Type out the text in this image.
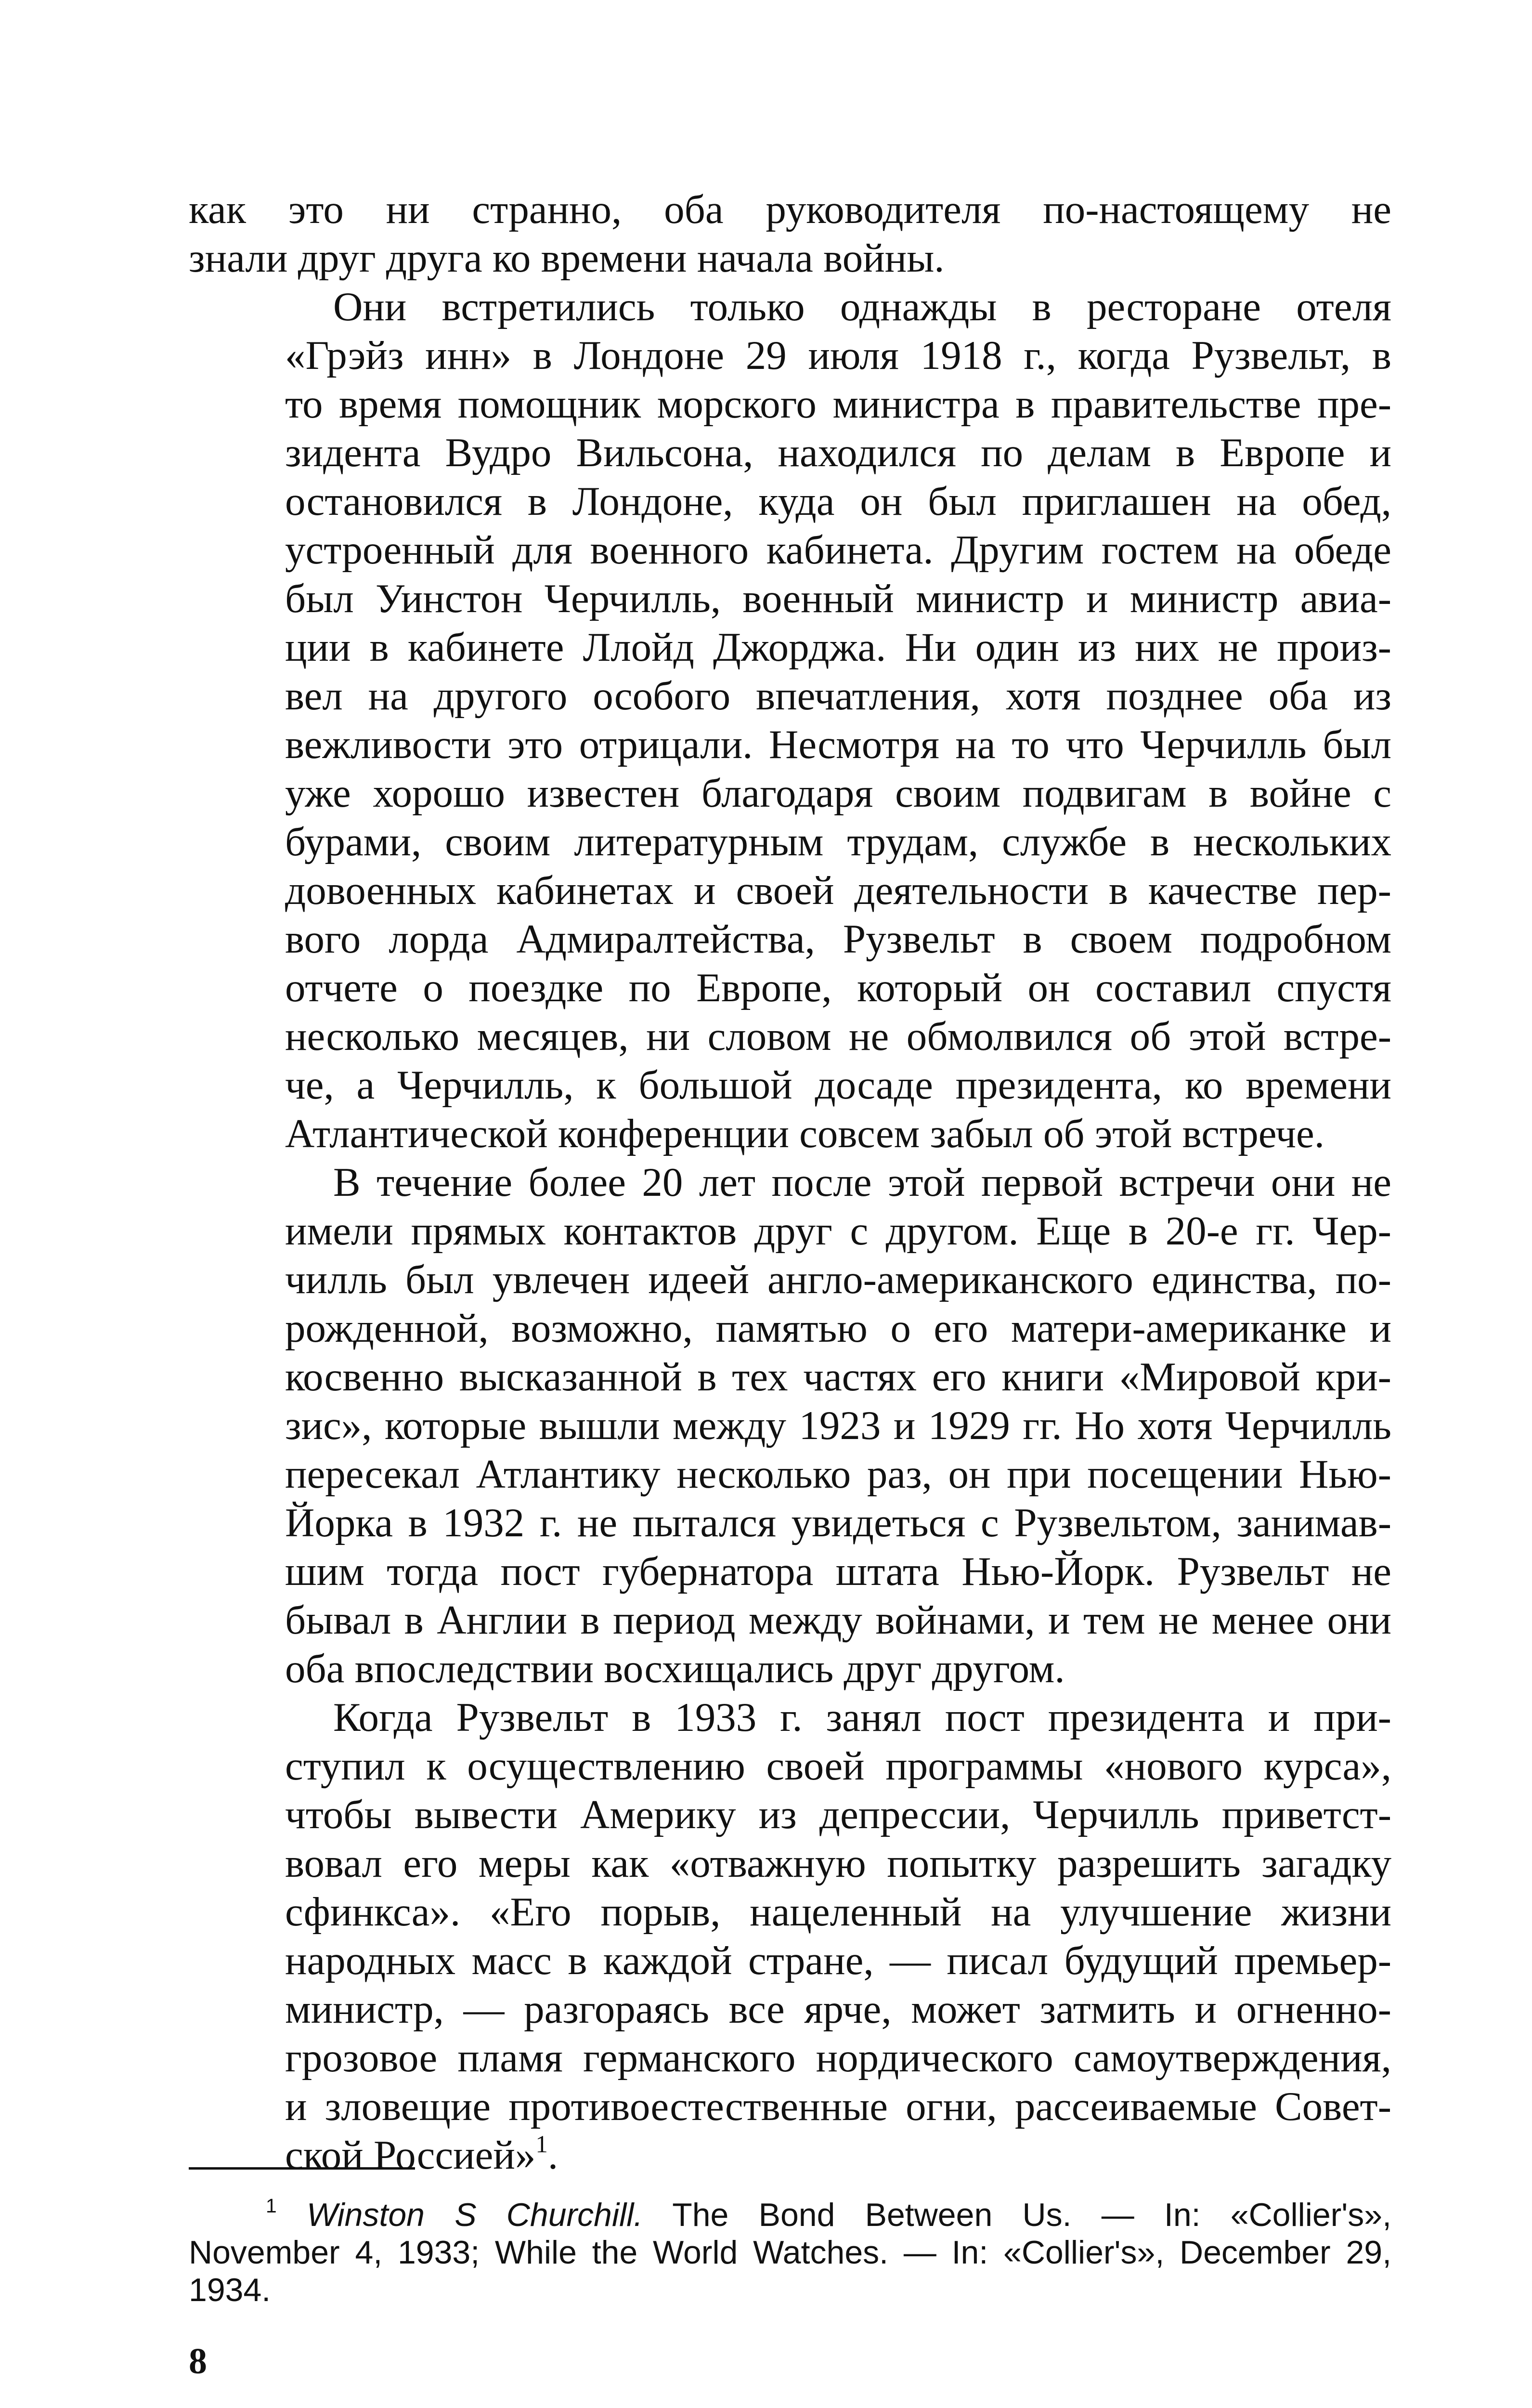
как это ни странно, оба руководителя по-настоящему не
знали друг друга ко времени начала войны.
Они встретились только однажды в ресторане отеля
«Грэйз инн» в Лондоне 29 июля 1918 г., когда Рузвельт, в
то время помощник морского министра в правительстве пре-
зидента Вудро Вильсона, находился по делам в Европе и
остановился в Лондоне, куда он был приглашен на обед,
устроенный для военного кабинета. Другим гостем на обеде
был Уинстон Черчилль, военный министр и министр авиа-
ции в кабинете Ллойд Джорджа. Ни один из них не произ-
вел на другого особого впечатления, хотя позднее оба из
вежливости это отрицали. Несмотря на то что Черчилль был
уже хорошо известен благодаря своим подвигам в войне с
бурами, своим литературным трудам, службе в нескольких
довоенных кабинетах и своей деятельности в качестве пер-
вого лорда Адмиралтейства, Рузвельт в своем подробном
отчете о поездке по Европе, который он составил спустя
несколько месяцев, ни словом не обмолвился об этой встре-
че, а Черчилль, к большой досаде президента, ко времени
Атлантической конференции совсем забыл об этой встрече.
В течение более 20 лет после этой первой встречи они не
имели прямых контактов друг с другом. Еще в 20-е гг. Чер-
чилль был увлечен идеей англо-американского единства, по-
рожденной, возможно, памятью о его матери-американке и
косвенно высказанной в тех частях его книги «Мировой кри-
зис», которые вышли между 1923 и 1929 гг. Но хотя Черчилль
пересекал Атлантику несколько раз, он при посещении Нью-
Йорка в 1932 г. не пытался увидеться с Рузвельтом, занимав-
шим тогда пост губернатора штата Нью-Йорк. Рузвельт не
бывал в Англии в период между войнами, и тем не менее они
оба впоследствии восхищались друг другом.
Когда Рузвельт в 1933 г. занял пост президента и при-
ступил к осуществлению своей программы «нового курса»,
чтобы вывести Америку из депрессии, Черчилль приветст-
вовал его меры как «отважную попытку разрешить загадку
сфинкса». «Его порыв, нацеленный на улучшение жизни
народных масс в каждой стране, — писал будущий премьер-
министр, — разгораясь все ярче, может затмить и огненно-
грозовое пламя германского нордического самоутверждения,
и зловещие противоестественные огни, рассеиваемые Совет-
ской Россией»$^1$.
$^1$ Winston S Churchill. The Bond Between Us. — In: «Collier's»,
November 4, 1933; While the World Watches. — In: «Collier's», December 29,
1934.
8
